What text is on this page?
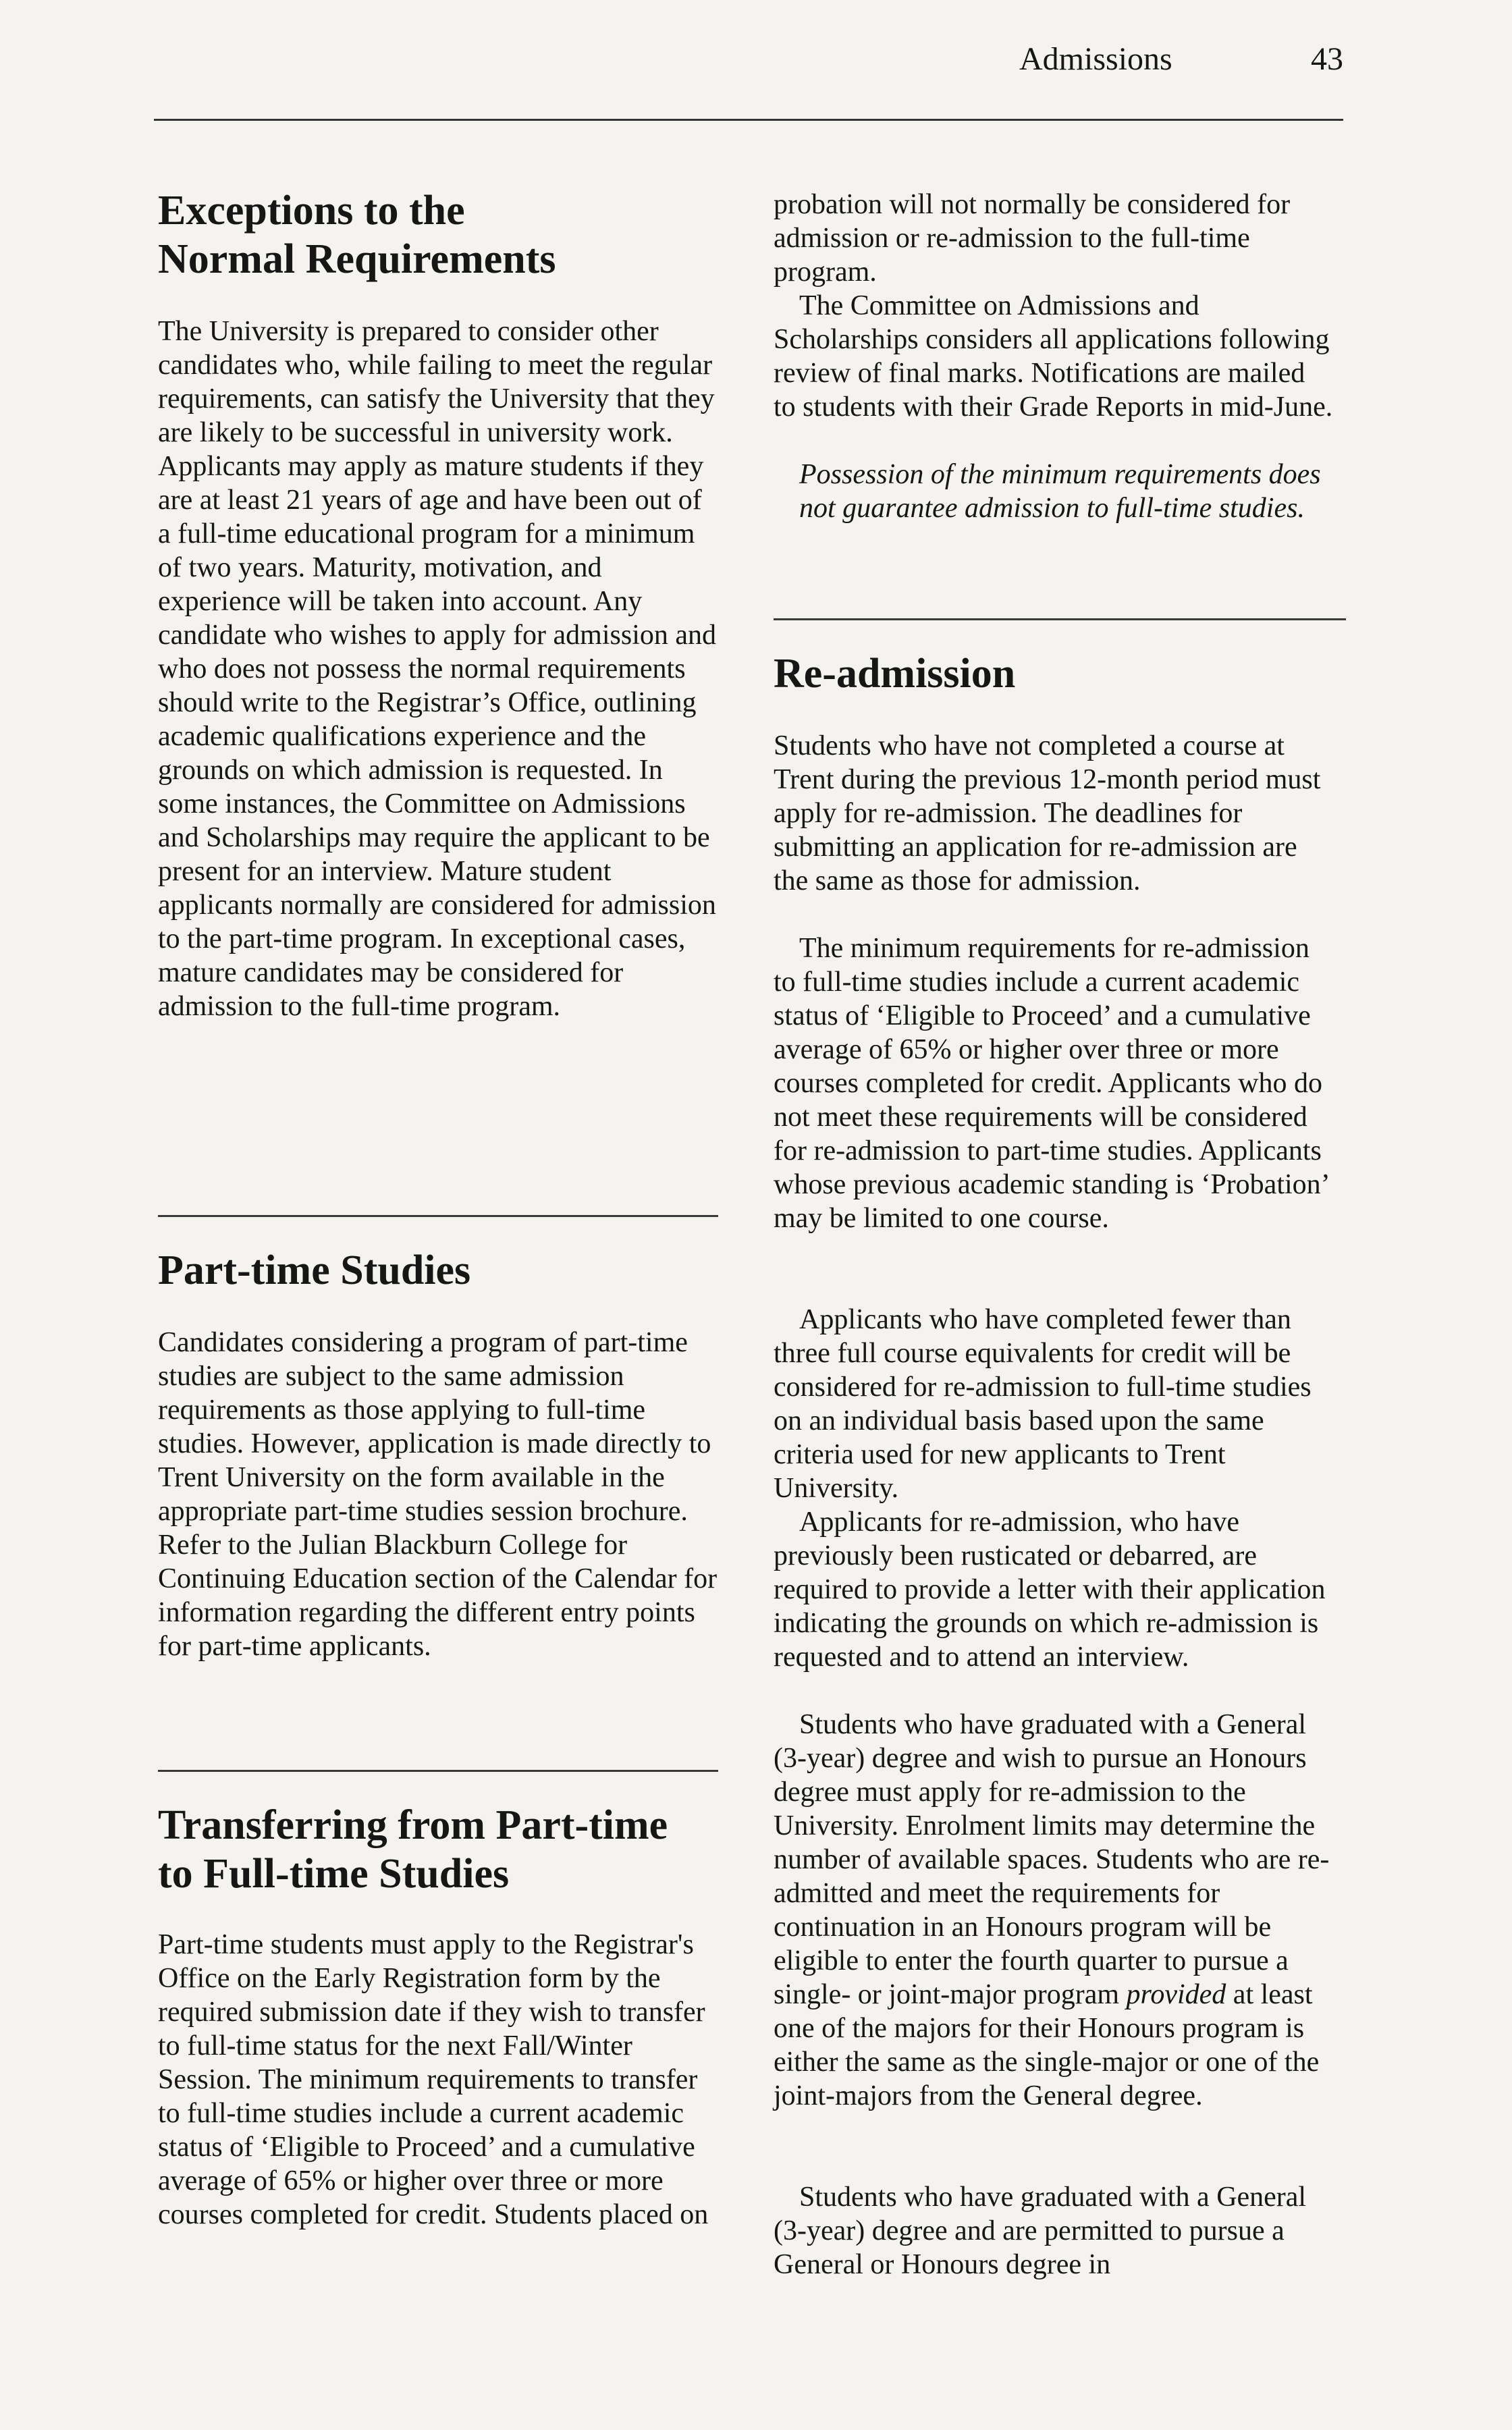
Admissions	43
Exceptions to the
Normal Requirements

The University is prepared to consider other candidates who, while failing to meet the regular requirements, can satisfy the University that they are likely to be successful in university work. Applicants may apply as mature students if they are at least 21 years of age and have been out of a full-time educational program for a minimum of two years. Maturity, motivation, and experience will be taken into account. Any candidate who wishes to apply for admission and who does not possess the normal requirements should write to the Registrar’s Office, outlining academic qualifications experience and the grounds on which admission is requested. In some instances, the Committee on Admissions and Scholarships may require the applicant to be present for an interview. Mature student applicants normally are considered for admission to the part-time program. In exceptional cases, mature candidates may be considered for admission to the full-time program.

Part-time Studies

Candidates considering a program of part-time studies are subject to the same admission requirements as those applying to full-time studies. However, application is made directly to Trent University on the form available in the appropriate part-time studies session brochure. Refer to the Julian Blackburn College for Continuing Education section of the Calendar for information regarding the different entry points for part-time applicants.

Transferring from Part-time
to Full-time Studies

Part-time students must apply to the Registrar's Office on the Early Registration form by the required submission date if they wish to transfer to full-time status for the next Fall/Winter Session. The minimum requirements to transfer to full-time studies include a current academic status of ‘Eligible to Proceed’ and a cumulative average of 65% or higher over three or more courses completed for credit. Students placed on

probation will not normally be considered for admission or re-admission to the full-time program.

The Committee on Admissions and Scholarships considers all applications following review of final marks. Notifications are mailed to students with their Grade Reports in mid-June.

Possession of the minimum requirements does not guarantee admission to full-time studies.

Re-admission

Students who have not completed a course at Trent during the previous 12-month period must apply for re-admission. The deadlines for submitting an application for re-admission are the same as those for admission.

The minimum requirements for re-admission to full-time studies include a current academic status of ‘Eligible to Proceed’ and a cumulative average of 65% or higher over three or more courses completed for credit. Applicants who do not meet these requirements will be considered for re-admission to part-time studies. Applicants whose previous academic standing is ‘Probation’ may be limited to one course.

Applicants who have completed fewer than three full course equivalents for credit will be considered for re-admission to full-time studies on an individual basis based upon the same criteria used for new applicants to Trent University.

Applicants for re-admission, who have previously been rusticated or debarred, are required to provide a letter with their application indicating the grounds on which re-admission is requested and to attend an interview.

Students who have graduated with a General (3-year) degree and wish to pursue an Honours degree must apply for re-admission to the University. Enrolment limits may determine the number of available spaces. Students who are re-admitted and meet the requirements for continuation in an Honours program will be eligible to enter the fourth quarter to pursue a single- or joint-major program provided at least one of the majors for their Honours program is either the same as the single-major or one of the joint-majors from the General degree.

Students who have graduated with a General (3-year) degree and are permitted to pursue a General or Honours degree in
